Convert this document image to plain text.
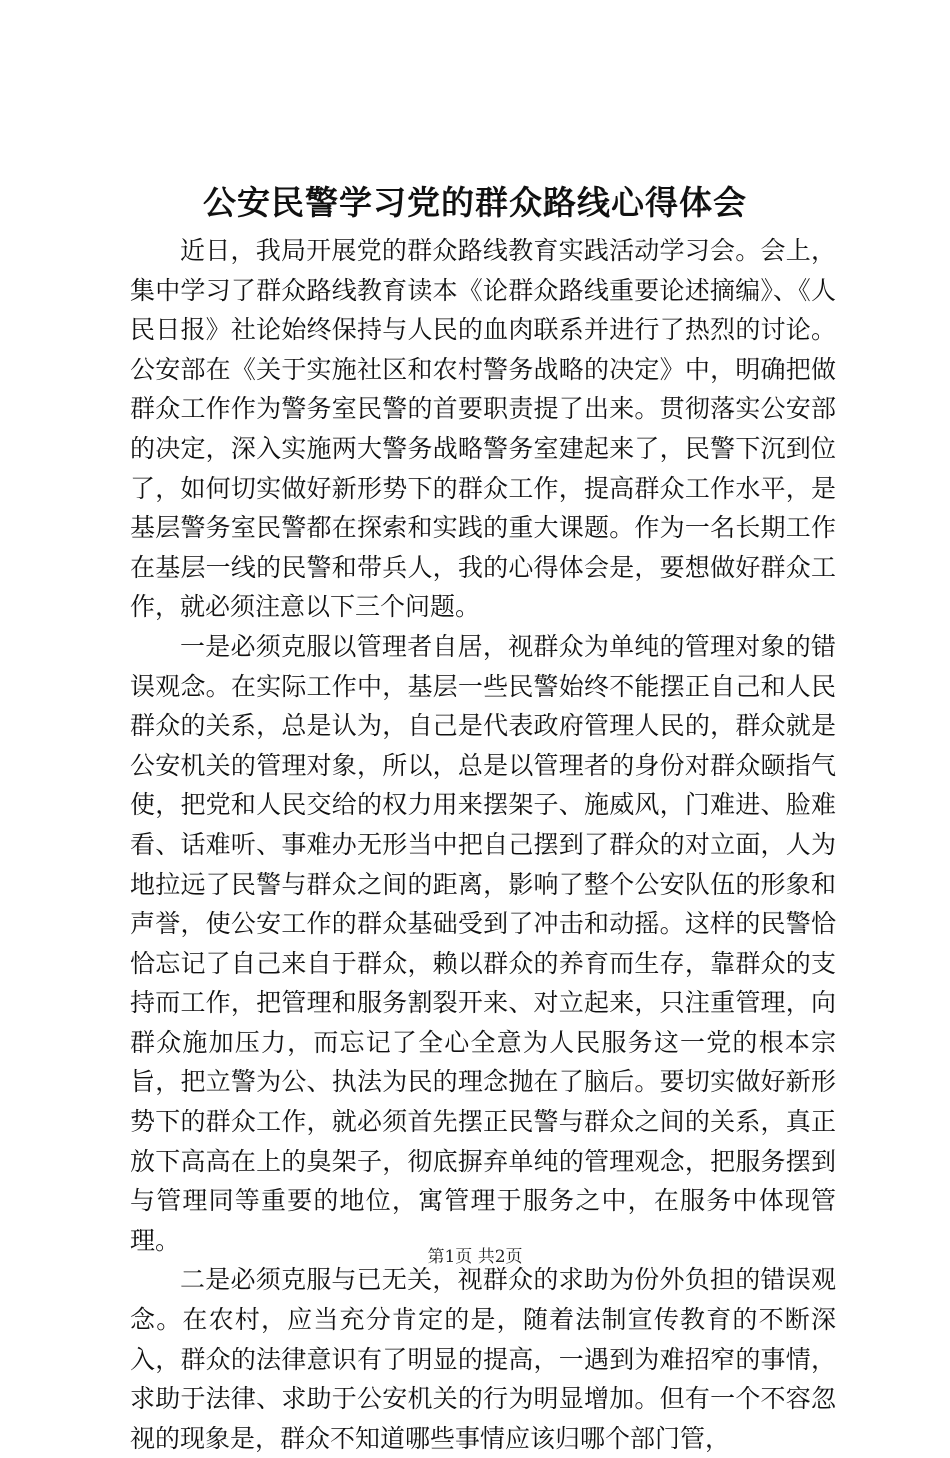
公安民警学习党的群众路线心得体会

近日，我局开展党的群众路线教育实践活动学习会。会上，集中学习了群众路线教育读本《论群众路线重要论述摘编》、《人民日报》社论始终保持与人民的血肉联系并进行了热烈的讨论。公安部在《关于实施社区和农村警务战略的决定》中，明确把做群众工作作为警务室民警的首要职责提了出来。贯彻落实公安部的决定，深入实施两大警务战略警务室建起来了，民警下沉到位了，如何切实做好新形势下的群众工作，提高群众工作水平，是基层警务室民警都在探索和实践的重大课题。作为一名长期工作在基层一线的民警和带兵人，我的心得体会是，要想做好群众工作，就必须注意以下三个问题。

一是必须克服以管理者自居，视群众为单纯的管理对象的错误观念。在实际工作中，基层一些民警始终不能摆正自己和人民群众的关系，总是认为，自己是代表政府管理人民的，群众就是公安机关的管理对象，所以，总是以管理者的身份对群众颐指气使，把党和人民交给的权力用来摆架子、施威风，门难进、脸难看、话难听、事难办无形当中把自己摆到了群众的对立面，人为地拉远了民警与群众之间的距离，影响了整个公安队伍的形象和声誉，使公安工作的群众基础受到了冲击和动摇。这样的民警恰恰忘记了自己来自于群众，赖以群众的养育而生存，靠群众的支持而工作，把管理和服务割裂开来、对立起来，只注重管理，向群众施加压力，而忘记了全心全意为人民服务这一党的根本宗旨，把立警为公、执法为民的理念抛在了脑后。要切实做好新形势下的群众工作，就必须首先摆正民警与群众之间的关系，真正放下高高在上的臭架子，彻底摒弃单纯的管理观念，把服务摆到与管理同等重要的地位，寓管理于服务之中，在服务中体现管理。

二是必须克服与已无关，视群众的求助为份外负担的错误观念。在农村，应当充分肯定的是，随着法制宣传教育的不断深入，群众的法律意识有了明显的提高，一遇到为难招窄的事情，求助于法律、求助于公安机关的行为明显增加。但有一个不容忽视的现象是，群众不知道哪些事情应该归哪个部门管，

第1页 共2页
